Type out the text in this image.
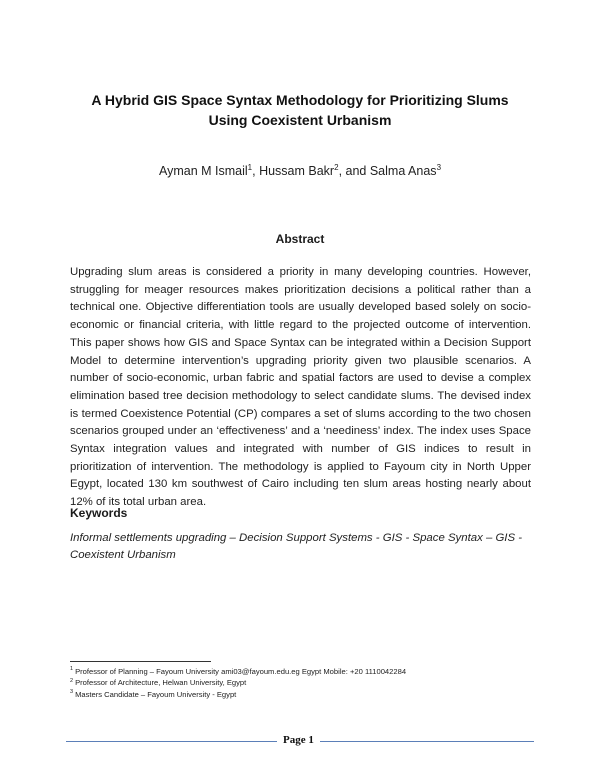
A Hybrid GIS Space Syntax Methodology for Prioritizing Slums
Using Coexistent Urbanism
Ayman M Ismail$^1$, Hussam Bakr$^2$, and Salma Anas$^3$
Abstract
Upgrading slum areas is considered a priority in many developing countries. However, struggling for meager resources makes prioritization decisions a political rather than a technical one. Objective differentiation tools are usually developed based solely on socio-economic or financial criteria, with little regard to the projected outcome of intervention. This paper shows how GIS and Space Syntax can be integrated within a Decision Support Model to determine intervention’s upgrading priority given two plausible scenarios. A number of socio-economic, urban fabric and spatial factors are used to devise a complex elimination based tree decision methodology to select candidate slums. The devised index is termed Coexistence Potential (CP) compares a set of slums according to the two chosen scenarios grouped under an ‘effectiveness’ and a ‘neediness’ index. The index uses Space Syntax integration values and integrated with number of GIS indices to result in prioritization of intervention. The methodology is applied to Fayoum city in North Upper Egypt, located 130 km southwest of Cairo including ten slum areas hosting nearly about 12% of its total urban area.
Keywords
Informal settlements upgrading – Decision Support Systems - GIS - Space Syntax – GIS - Coexistent Urbanism
$^1$ Professor of Planning – Fayoum University ami03@fayoum.edu.eg Egypt Mobile: +20 1110042284
$^2$ Professor of Architecture, Helwan University, Egypt
$^3$ Masters Candidate – Fayoum University - Egypt
Page 1
